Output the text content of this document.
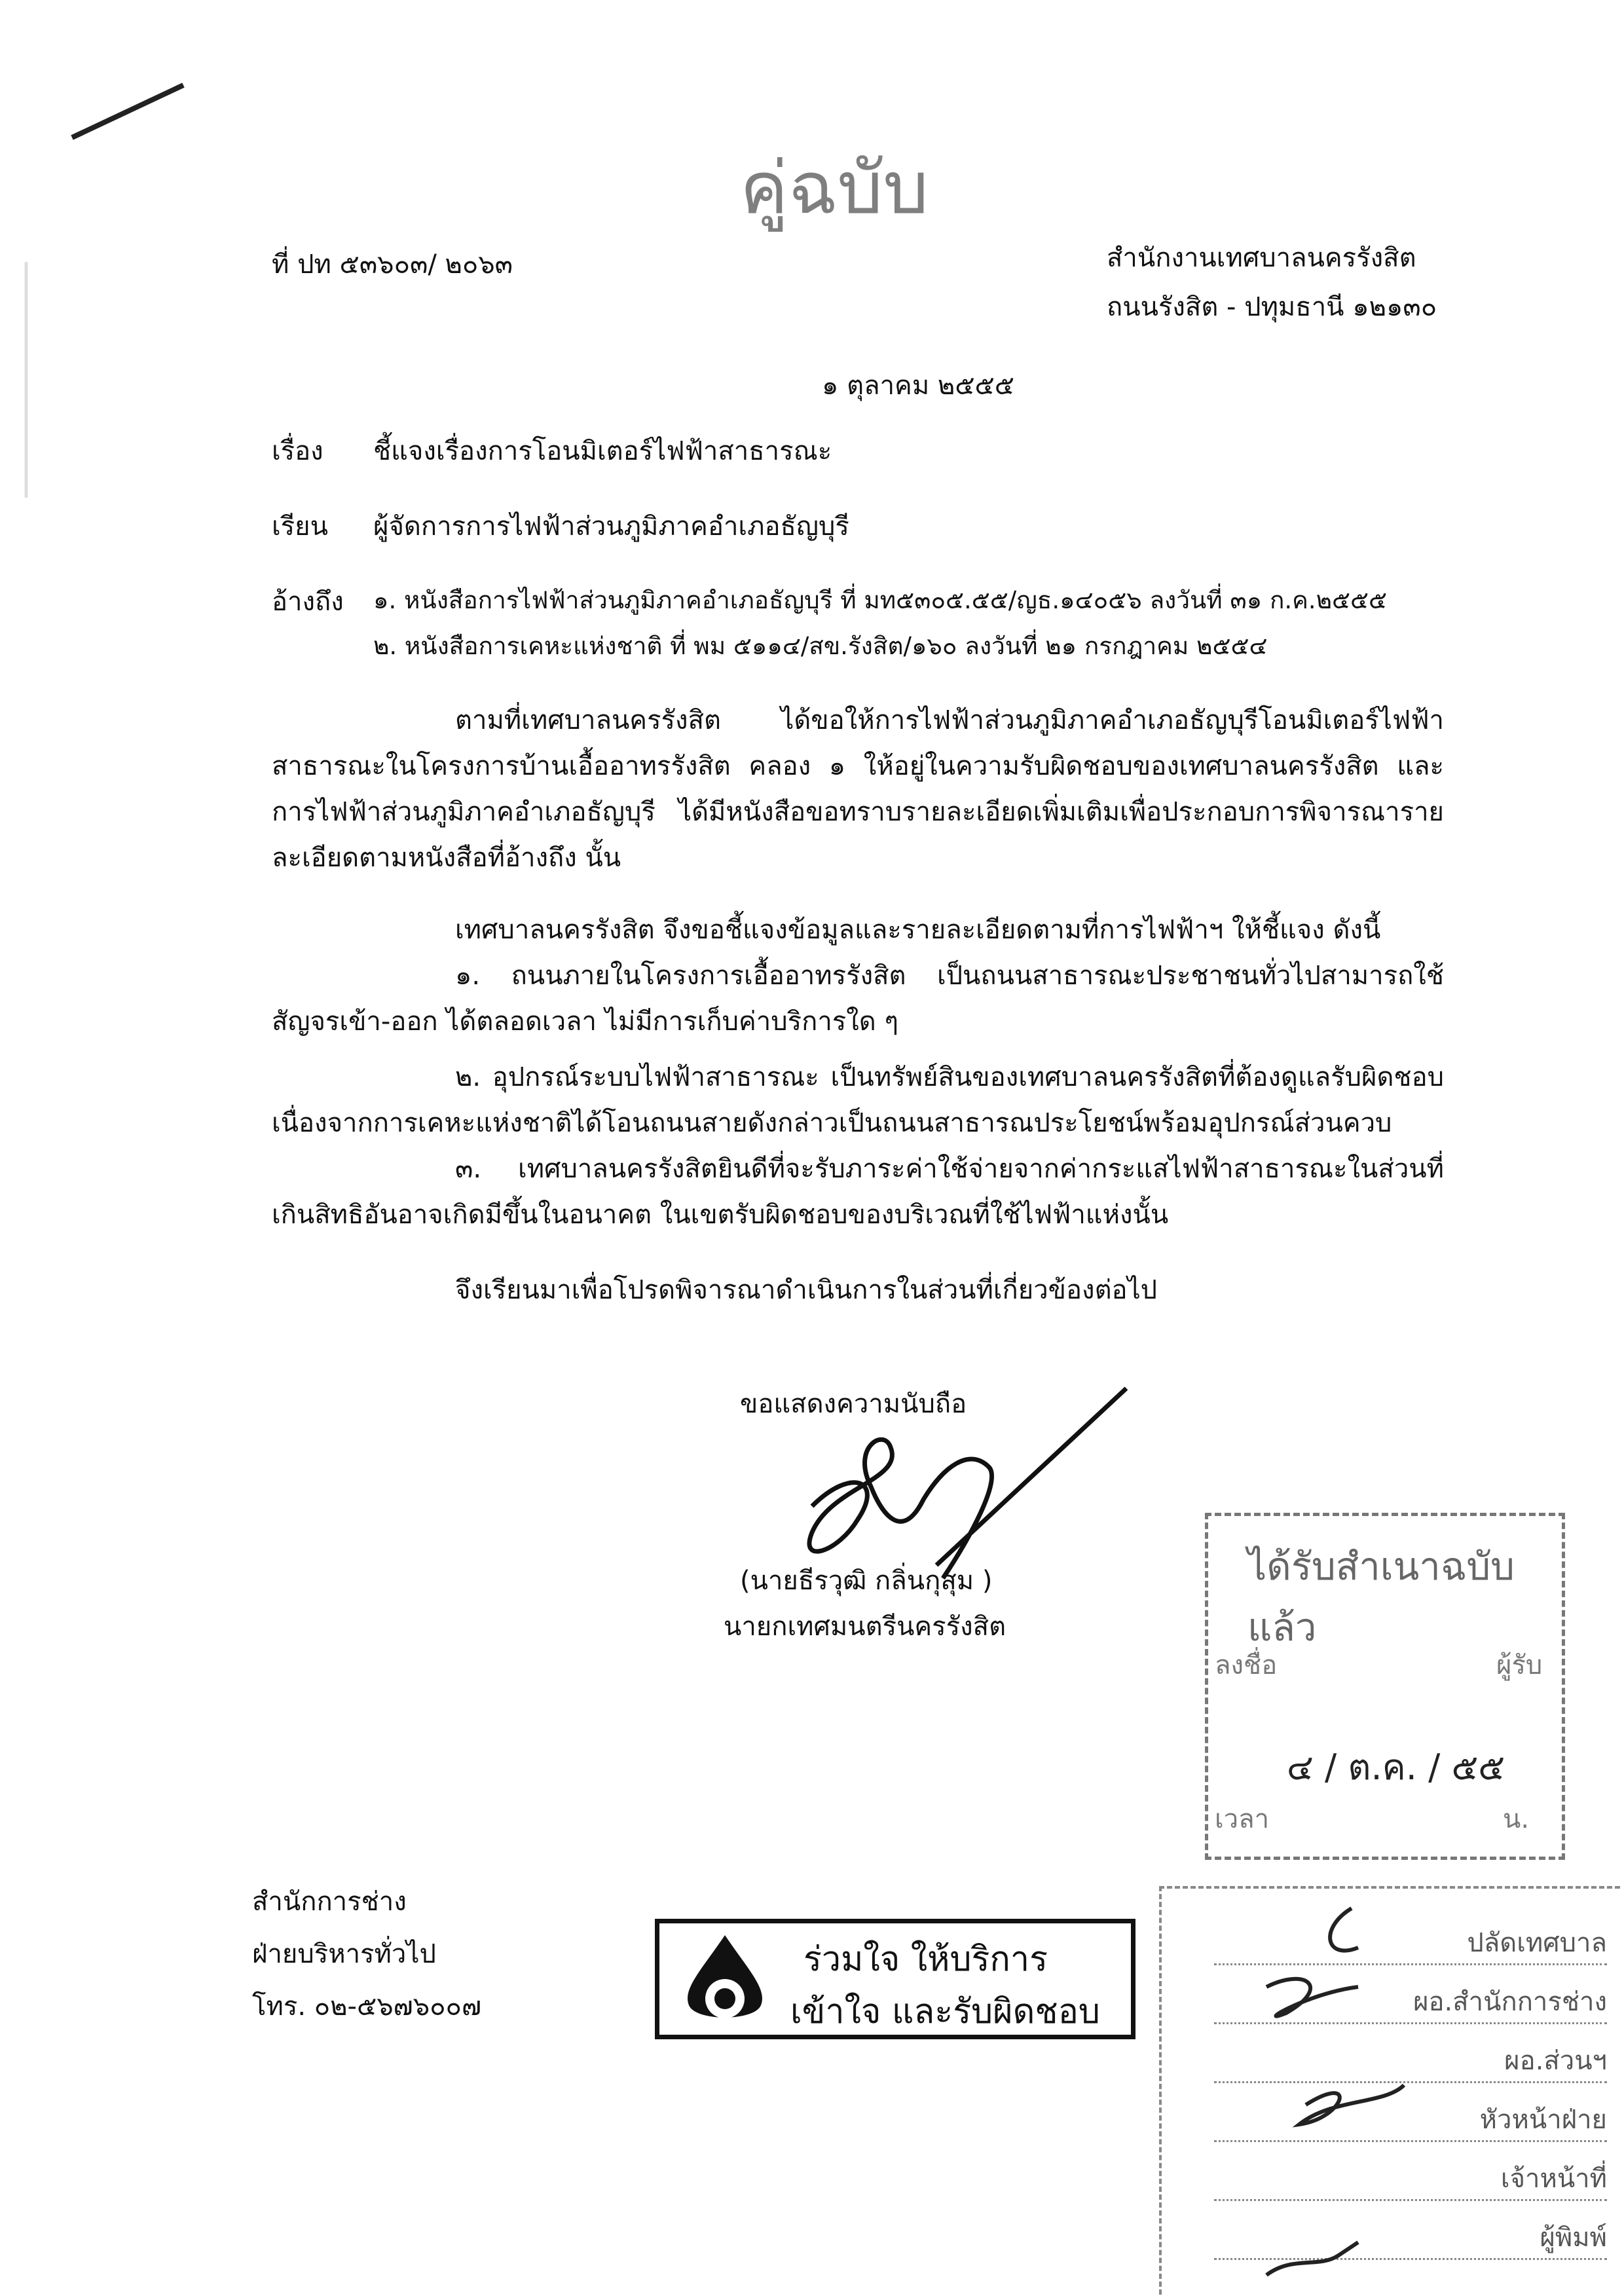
คู่ฉบับ
ที่ ปท ๕๓๖๐๓/ ๒๐๖๓	สำนักงานเทศบาลนครรังสิต
ถนนรังสิต - ปทุมธานี ๑๒๑๓๐
๑ ตุลาคม ๒๕๕๕
เรื่อง ชี้แจงเรื่องการโอนมิเตอร์ไฟฟ้าสาธารณะ
เรียน ผู้จัดการการไฟฟ้าส่วนภูมิภาคอำเภอธัญบุรี
อ้างถึง ๑. หนังสือการไฟฟ้าส่วนภูมิภาคอำเภอธัญบุรี ที่ มท๕๓๐๕.๕๕/ญธ.๑๔๐๕๖ ลงวันที่ ๓๑ ก.ค.๒๕๕๕
๒. หนังสือการเคหะแห่งชาติ ที่ พม ๕๑๑๔/สข.รังสิต/๑๖๐ ลงวันที่ ๒๑ กรกฎาคม ๒๕๕๔
ตามที่เทศบาลนครรังสิต ได้ขอให้การไฟฟ้าส่วนภูมิภาคอำเภอธัญบุรีโอนมิเตอร์ไฟฟ้าสาธารณะในโครงการบ้านเอื้ออาทรรังสิต คลอง ๑ ให้อยู่ในความรับผิดชอบของเทศบาลนครรังสิต และการไฟฟ้าส่วนภูมิภาคอำเภอธัญบุรี ได้มีหนังสือขอทราบรายละเอียดเพิ่มเติมเพื่อประกอบการพิจารณารายละเอียดตามหนังสือที่อ้างถึง นั้น
เทศบาลนครรังสิต จึงขอชี้แจงข้อมูลและรายละเอียดตามที่การไฟฟ้าฯ ให้ชี้แจง ดังนี้
๑. ถนนภายในโครงการเอื้ออาทรรังสิต เป็นถนนสาธารณะประชาชนทั่วไปสามารถใช้สัญจรเข้า-ออก ได้ตลอดเวลา ไม่มีการเก็บค่าบริการใด ๆ
๒. อุปกรณ์ระบบไฟฟ้าสาธารณะ เป็นทรัพย์สินของเทศบาลนครรังสิตที่ต้องดูแลรับผิดชอบเนื่องจากการเคหะแห่งชาติได้โอนถนนสายดังกล่าวเป็นถนนสาธารณประโยชน์พร้อมอุปกรณ์ส่วนควบ
๓. เทศบาลนครรังสิตยินดีที่จะรับภาระค่าใช้จ่ายจากค่ากระแสไฟฟ้าสาธารณะในส่วนที่เกินสิทธิอันอาจเกิดมีขึ้นในอนาคต ในเขตรับผิดชอบของบริเวณที่ใช้ไฟฟ้าแห่งนั้น
จึงเรียนมาเพื่อโปรดพิจารณาดำเนินการในส่วนที่เกี่ยวข้องต่อไป
ขอแสดงความนับถือ
(นายธีรวุฒิ กลิ่นกุสุม )
นายกเทศมนตรีนครรังสิต
ได้รับสำเนาฉบับแล้ว
ลงชื่อ	ผู้รับ
๔ / ต.ค. / ๕๕
เวลา	น.
สำนักการช่าง
ฝ่ายบริหารทั่วไป
โทร. ๐๒-๕๖๗๖๐๐๗
ร่วมใจ ให้บริการ
เข้าใจ และรับผิดชอบ
ปลัดเทศบาล
ผอ.สำนักการช่าง
ผอ.ส่วนฯ
หัวหน้าฝ่าย
เจ้าหน้าที่
ผู้พิมพ์
